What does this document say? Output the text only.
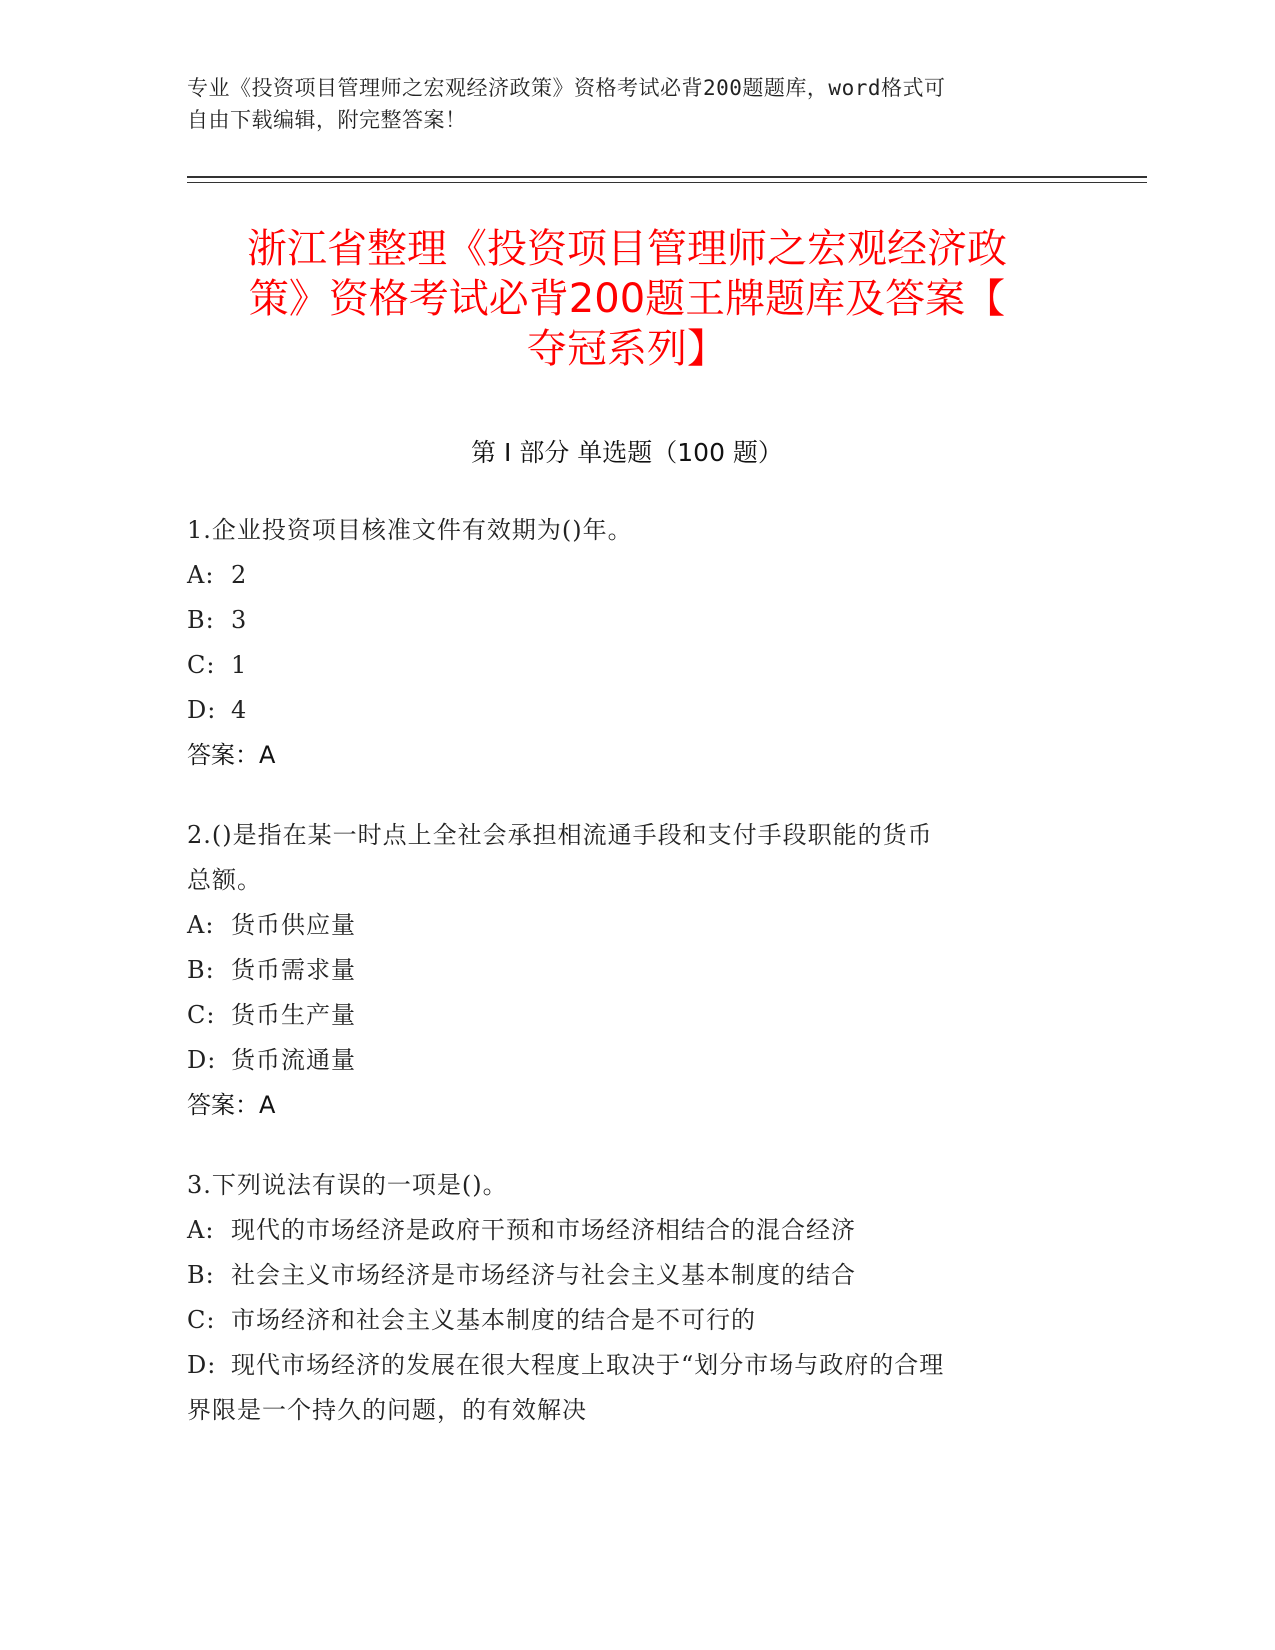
专业《投资项目管理师之宏观经济政策》资格考试必背200题题库，word格式可
自由下载编辑，附完整答案！
浙江省整理《投资项目管理师之宏观经济政
策》资格考试必背200题王牌题库及答案【
夺冠系列】
第 I 部分 单选题（100 题）
1.企业投资项目核准文件有效期为()年。
A: 2
B: 3
C: 1
D: 4
答案：A
2.()是指在某一时点上全社会承担相流通手段和支付手段职能的货币
总额。
A: 货币供应量
B: 货币需求量
C: 货币生产量
D: 货币流通量
答案：A
3.下列说法有误的一项是()。
A: 现代的市场经济是政府干预和市场经济相结合的混合经济
B: 社会主义市场经济是市场经济与社会主义基本制度的结合
C: 市场经济和社会主义基本制度的结合是不可行的
D: 现代市场经济的发展在很大程度上取决于“划分市场与政府的合理
界限是一个持久的问题，的有效解决
